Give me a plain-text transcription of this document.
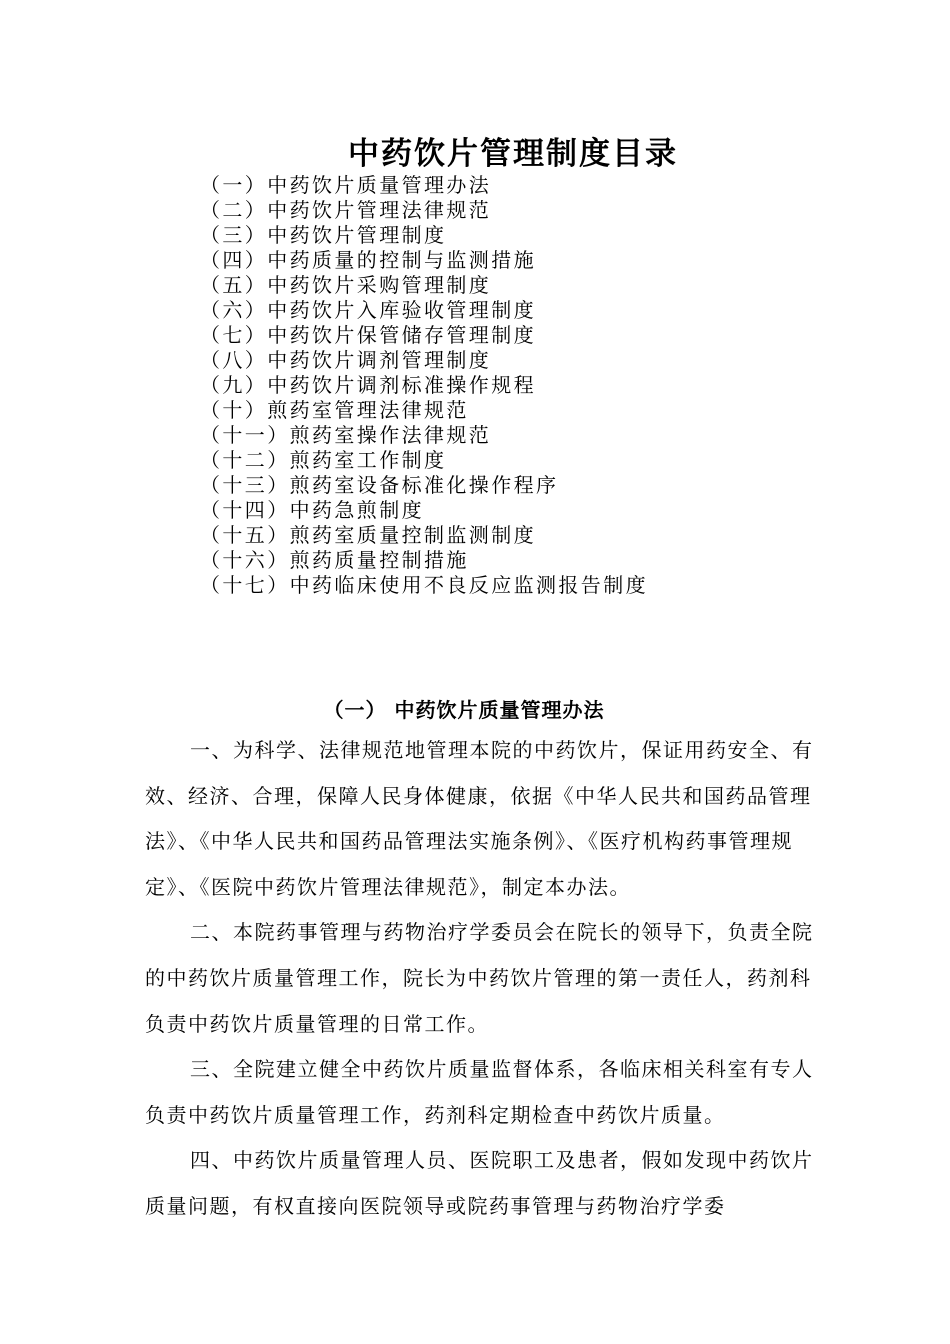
中药饮片管理制度目录
（一）中药饮片质量管理办法
（二）中药饮片管理法律规范
（三）中药饮片管理制度
（四）中药质量的控制与监测措施
（五）中药饮片采购管理制度
（六）中药饮片入库验收管理制度
（七）中药饮片保管储存管理制度
（八）中药饮片调剂管理制度
（九）中药饮片调剂标准操作规程
（十）煎药室管理法律规范
（十一）煎药室操作法律规范
（十二）煎药室工作制度
（十三）煎药室设备标准化操作程序
（十四）中药急煎制度
（十五）煎药室质量控制监测制度
（十六）煎药质量控制措施
（十七）中药临床使用不良反应监测报告制度
（一） 中药饮片质量管理办法

一、为科学、法律规范地管理本院的中药饮片，保证用药安全、有效、经济、合理，保障人民身体健康，依据《中华人民共和国药品管理法》、《中华人民共和国药品管理法实施条例》、《医疗机构药事管理规定》、《医院中药饮片管理法律规范》，制定本办法。

二、本院药事管理与药物治疗学委员会在院长的领导下，负责全院的中药饮片质量管理工作，院长为中药饮片管理的第一责任人，药剂科负责中药饮片质量管理的日常工作。

三、全院建立健全中药饮片质量监督体系，各临床相关科室有专人负责中药饮片质量管理工作，药剂科定期检查中药饮片质量。

四、中药饮片质量管理人员、医院职工及患者，假如发现中药饮片质量问题，有权直接向医院领导或院药事管理与药物治疗学委
